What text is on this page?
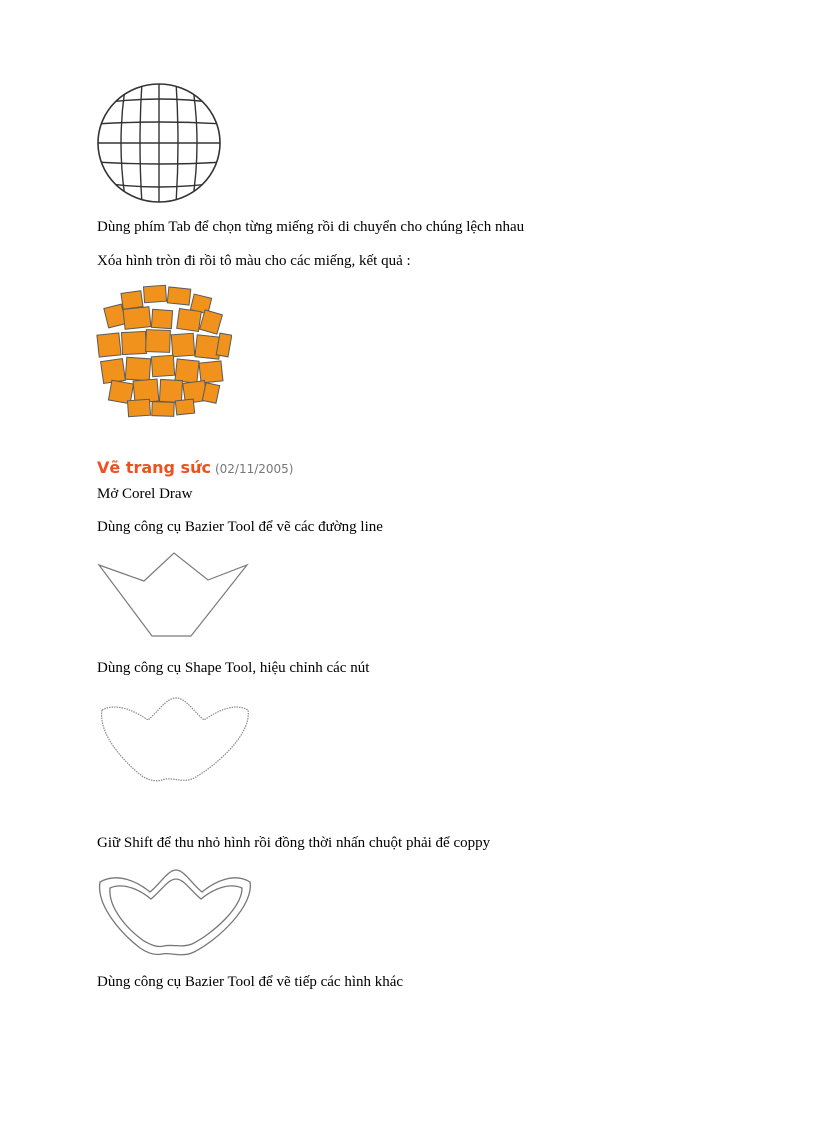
Dùng phím Tab để chọn từng miếng rồi di chuyển cho chúng lệch nhau

Xóa hình tròn đi rồi tô màu cho các miếng, kết quả :

Vẽ trang sức (02/11/2005)

Mở Corel Draw

Dùng công cụ Bazier Tool để vẽ các đường line

Dùng công cụ Shape Tool, hiệu chỉnh các nút

Giữ Shift để thu nhỏ hình rồi đồng thời nhấn chuột phải để coppy

Dùng công cụ Bazier Tool để vẽ tiếp các hình khác
